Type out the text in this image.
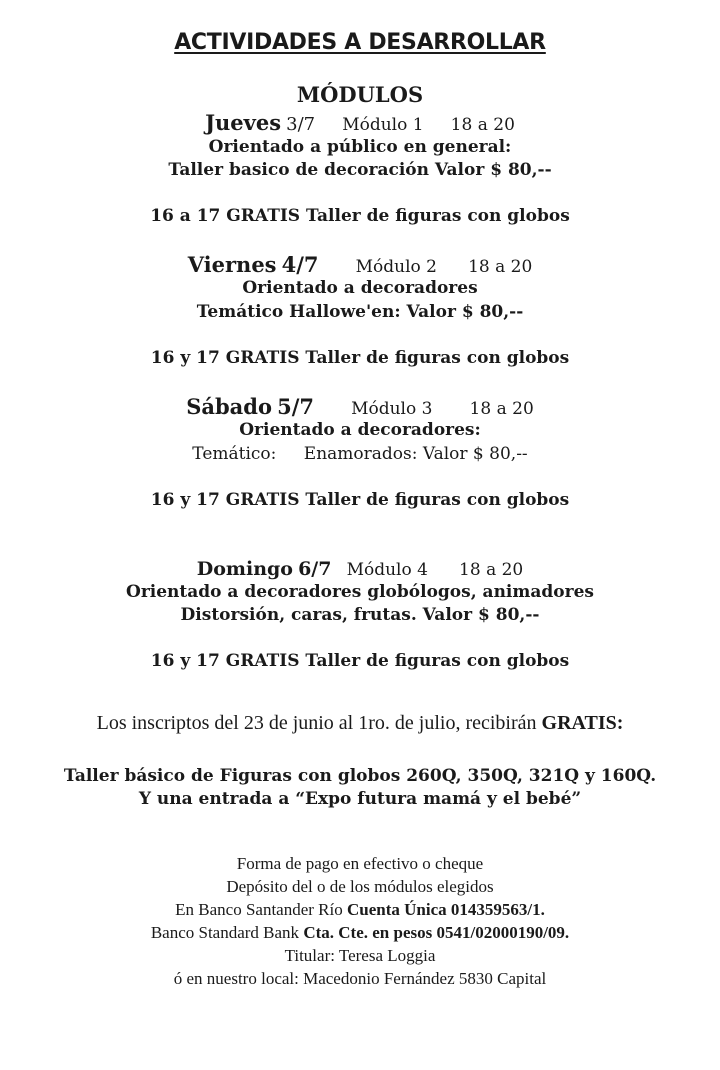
ACTIVIDADES A DESARROLLAR
MÓDULOS
Jueves 3/7 Módulo 1 18 a 20
Orientado a público en general:
Taller basico de decoración Valor $ 80,--
16 a 17 GRATIS Taller de figuras con globos
Viernes 4/7 Módulo 2 18 a 20
Orientado a decoradores
Temático Hallowe'en: Valor $ 80,--
16 y 17 GRATIS Taller de figuras con globos
Sábado 5/7 Módulo 3 18 a 20
Orientado a decoradores:
Temático: Enamorados: Valor $ 80,--
16 y 17 GRATIS Taller de figuras con globos
Domingo 6/7 Módulo 4 18 a 20
Orientado a decoradores globólogos, animadores
Distorsión, caras, frutas. Valor $ 80,--
16 y 17 GRATIS Taller de figuras con globos
Los inscriptos del 23 de junio al 1ro. de julio, recibirán GRATIS:
Taller básico de Figuras con globos 260Q, 350Q, 321Q y 160Q.
Y una entrada a “Expo futura mamá y el bebé”
Forma de pago en efectivo o cheque
Depósito del o de los módulos elegidos
En Banco Santander Río Cuenta Única 014359563/1.
Banco Standard Bank Cta. Cte. en pesos 0541/02000190/09.
Titular: Teresa Loggia
ó en nuestro local: Macedonio Fernández 5830 Capital
